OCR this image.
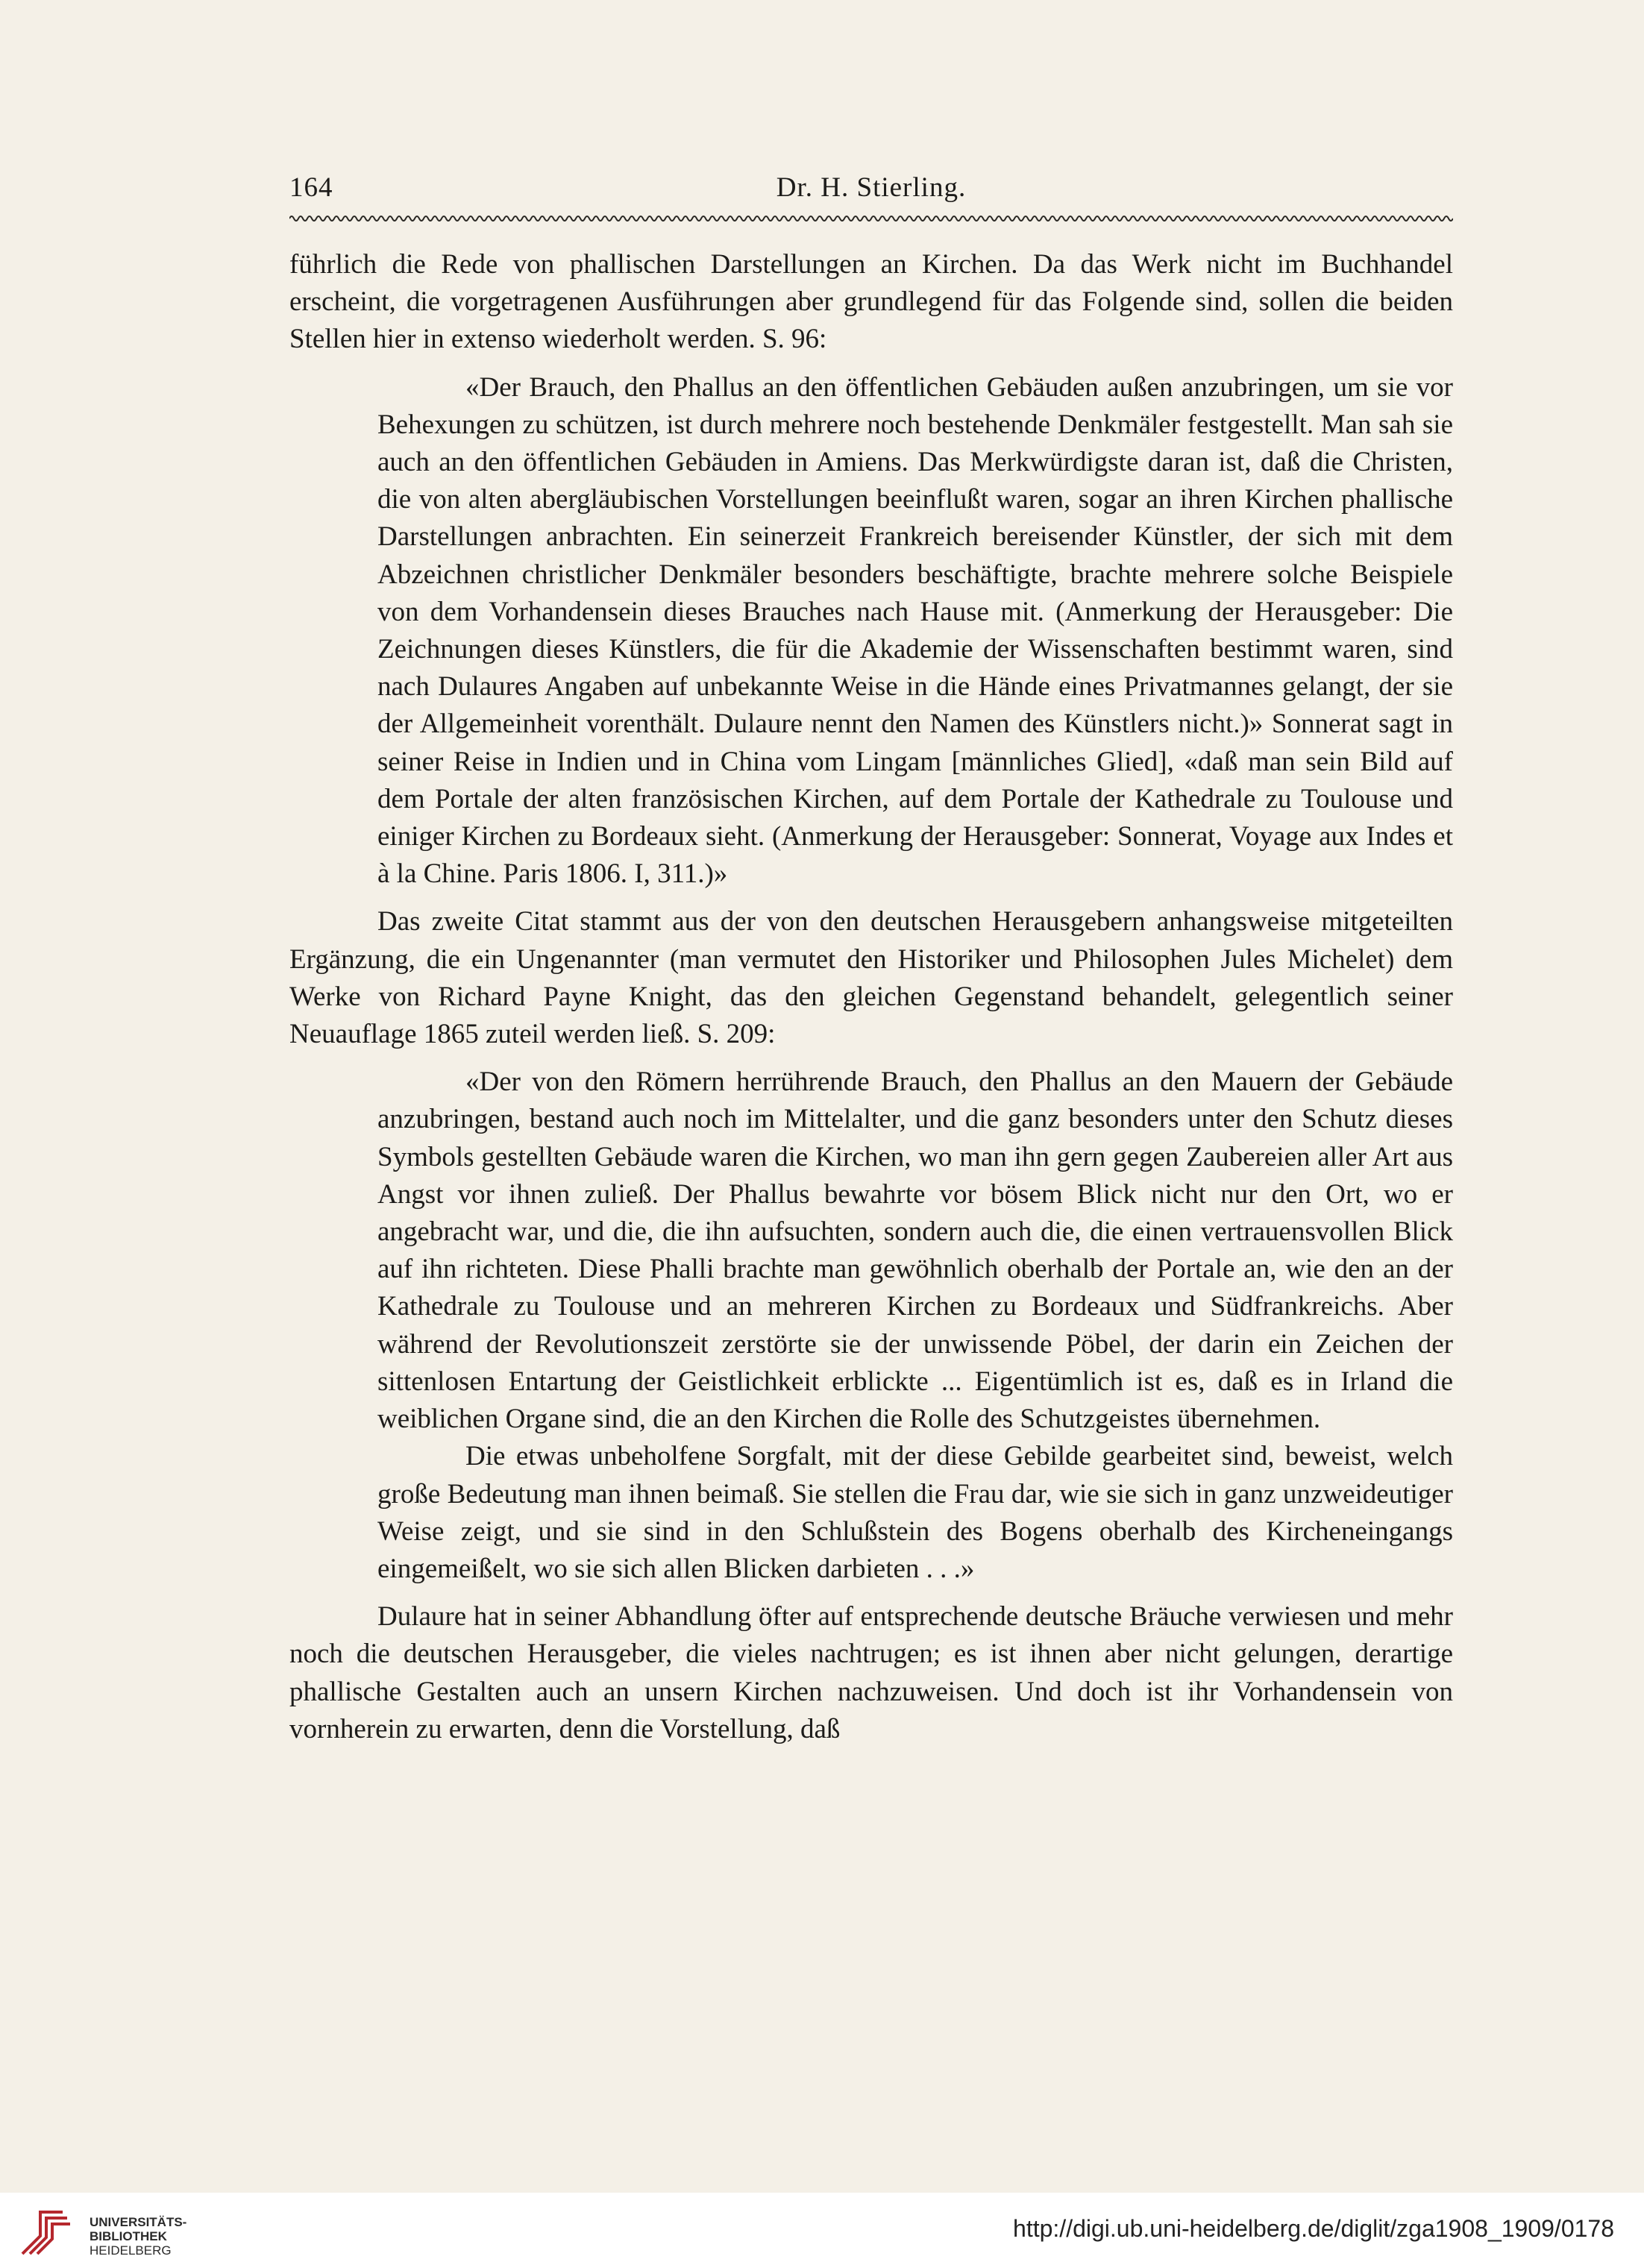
164	Dr. H. Stierling.

führlich die Rede von phallischen Darstellungen an Kirchen. Da das Werk nicht im Buchhandel erscheint, die vorgetragenen Ausführungen aber grundlegend für das Folgende sind, sollen die beiden Stellen hier in extenso wiederholt werden. S. 96:

«Der Brauch, den Phallus an den öffentlichen Gebäuden außen anzubringen, um sie vor Behexungen zu schützen, ist durch mehrere noch bestehende Denkmäler festgestellt. Man sah sie auch an den öffentlichen Gebäuden in Amiens. Das Merkwürdigste daran ist, daß die Christen, die von alten abergläubischen Vorstellungen beeinflußt waren, sogar an ihren Kirchen phallische Darstellungen anbrachten. Ein seinerzeit Frankreich bereisender Künstler, der sich mit dem Abzeichnen christlicher Denkmäler besonders beschäftigte, brachte mehrere solche Beispiele von dem Vorhandensein dieses Brauches nach Hause mit. (Anmerkung der Herausgeber: Die Zeichnungen dieses Künstlers, die für die Akademie der Wissenschaften bestimmt waren, sind nach Dulaures Angaben auf unbekannte Weise in die Hände eines Privatmannes gelangt, der sie der Allgemeinheit vorenthält. Dulaure nennt den Namen des Künstlers nicht.)» Sonnerat sagt in seiner Reise in Indien und in China vom Lingam [männliches Glied], «daß man sein Bild auf dem Portale der alten französischen Kirchen, auf dem Portale der Kathedrale zu Toulouse und einiger Kirchen zu Bordeaux sieht. (Anmerkung der Herausgeber: Sonnerat, Voyage aux Indes et à la Chine. Paris 1806. I, 311.)»

Das zweite Citat stammt aus der von den deutschen Herausgebern anhangsweise mitgeteilten Ergänzung, die ein Ungenannter (man vermutet den Historiker und Philosophen Jules Michelet) dem Werke von Richard Payne Knight, das den gleichen Gegenstand behandelt, gelegentlich seiner Neuauflage 1865 zuteil werden ließ. S. 209:

«Der von den Römern herrührende Brauch, den Phallus an den Mauern der Gebäude anzubringen, bestand auch noch im Mittelalter, und die ganz besonders unter den Schutz dieses Symbols gestellten Gebäude waren die Kirchen, wo man ihn gern gegen Zaubereien aller Art aus Angst vor ihnen zuließ. Der Phallus bewahrte vor bösem Blick nicht nur den Ort, wo er angebracht war, und die, die ihn aufsuchten, sondern auch die, die einen vertrauensvollen Blick auf ihn richteten. Diese Phalli brachte man gewöhnlich oberhalb der Portale an, wie den an der Kathedrale zu Toulouse und an mehreren Kirchen zu Bordeaux und Südfrankreichs. Aber während der Revolutionszeit zerstörte sie der unwissende Pöbel, der darin ein Zeichen der sittenlosen Entartung der Geistlichkeit erblickte ... Eigentümlich ist es, daß es in Irland die weiblichen Organe sind, die an den Kirchen die Rolle des Schutzgeistes übernehmen.

Die etwas unbeholfene Sorgfalt, mit der diese Gebilde gearbeitet sind, beweist, welch große Bedeutung man ihnen beimaß. Sie stellen die Frau dar, wie sie sich in ganz unzweideutiger Weise zeigt, und sie sind in den Schlußstein des Bogens oberhalb des Kircheneingangs eingemeißelt, wo sie sich allen Blicken darbieten . . .»

Dulaure hat in seiner Abhandlung öfter auf entsprechende deutsche Bräuche verwiesen und mehr noch die deutschen Herausgeber, die vieles nachtrugen; es ist ihnen aber nicht gelungen, derartige phallische Gestalten auch an unsern Kirchen nachzuweisen. Und doch ist ihr Vorhandensein von vornherein zu erwarten, denn die Vorstellung, daß

UNIVERSITÄTS-
BIBLIOTHEK
HEIDELBERG
http://digi.ub.uni-heidelberg.de/diglit/zga1908_1909/0178
